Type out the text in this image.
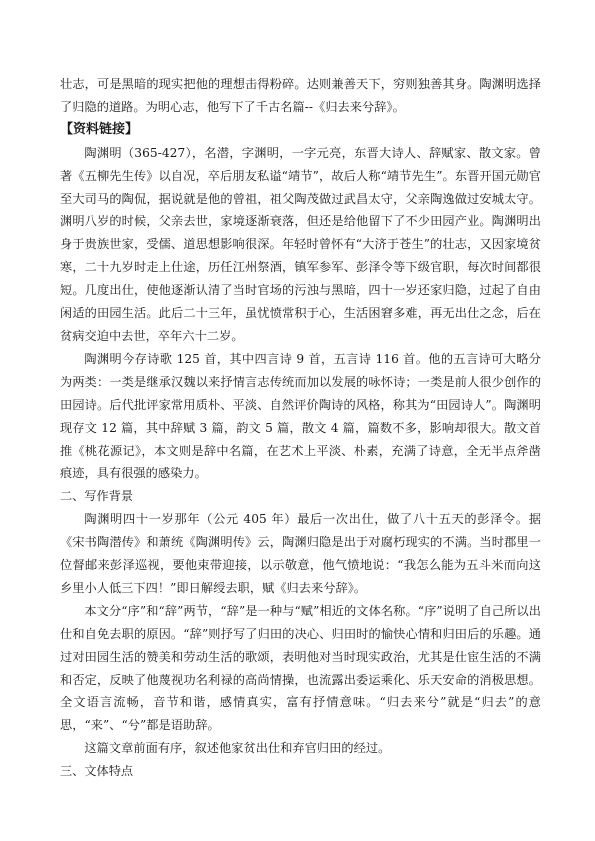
壮志，可是黑暗的现实把他的理想击得粉碎。达则兼善天下，穷则独善其身。陶渊明选择了归隐的道路。为明心志，他写下了千古名篇--《归去来兮辞》。

【资料链接】

陶渊明（365-427），名潜，字渊明，一字元亮，东晋大诗人、辞赋家、散文家。曾著《五柳先生传》以自况，卒后朋友私谥“靖节”，故后人称“靖节先生”。东晋开国元勋官至大司马的陶侃，据说就是他的曾祖，祖父陶茂做过武昌太守，父亲陶逸做过安城太守。渊明八岁的时候，父亲去世，家境逐渐衰落，但还是给他留下了不少田园产业。陶渊明出身于贵族世家，受儒、道思想影响很深。年轻时曾怀有“大济于苍生”的壮志，又因家境贫寒，二十九岁时走上仕途，历任江州祭酒，镇军参军、彭泽令等下级官职，每次时间都很短。几度出仕，使他逐渐认清了当时官场的污浊与黑暗，四十一岁还家归隐，过起了自由闲适的田园生活。此后二十三年，虽忧愤常积于心，生活困窘多难，再无出仕之念，后在贫病交迫中去世，卒年六十二岁。

陶渊明今存诗歌 125 首，其中四言诗 9 首，五言诗 116 首。他的五言诗可大略分为两类：一类是继承汉魏以来抒情言志传统而加以发展的咏怀诗；一类是前人很少创作的田园诗。后代批评家常用质朴、平淡、自然评价陶诗的风格，称其为“田园诗人”。陶渊明现存文 12 篇，其中辞赋 3 篇，韵文 5 篇，散文 4 篇，篇数不多，影响却很大。散文首推《桃花源记》，本文则是辞中名篇，在艺术上平淡、朴素，充满了诗意，全无半点斧凿痕迹，具有很强的感染力。

二、写作背景

陶渊明四十一岁那年（公元 405 年）最后一次出仕，做了八十五天的彭泽令。据《宋书陶潜传》和萧统《陶渊明传》云，陶渊归隐是出于对腐朽现实的不满。当时郡里一位督邮来彭泽巡视，要他束带迎接，以示敬意，他气愤地说：“我怎么能为五斗米而向这乡里小人低三下四！”即日解绶去职，赋《归去来兮辞》。

本文分“序”和“辞”两节，“辞”是一种与“赋”相近的文体名称。“序”说明了自己所以出仕和自免去职的原因。“辞”则抒写了归田的决心、归田时的愉快心情和归田后的乐趣。通过对田园生活的赞美和劳动生活的歌颂，表明他对当时现实政治，尤其是仕宦生活的不满和否定，反映了他蔑视功名利禄的高尚情操，也流露出委运乘化、乐天安命的消极思想。全文语言流畅，音节和谐，感情真实，富有抒情意味。“归去来兮”就是“归去”的意思，“来”、“兮”都是语助辞。

这篇文章前面有序，叙述他家贫出仕和弃官归田的经过。

三、文体特点
